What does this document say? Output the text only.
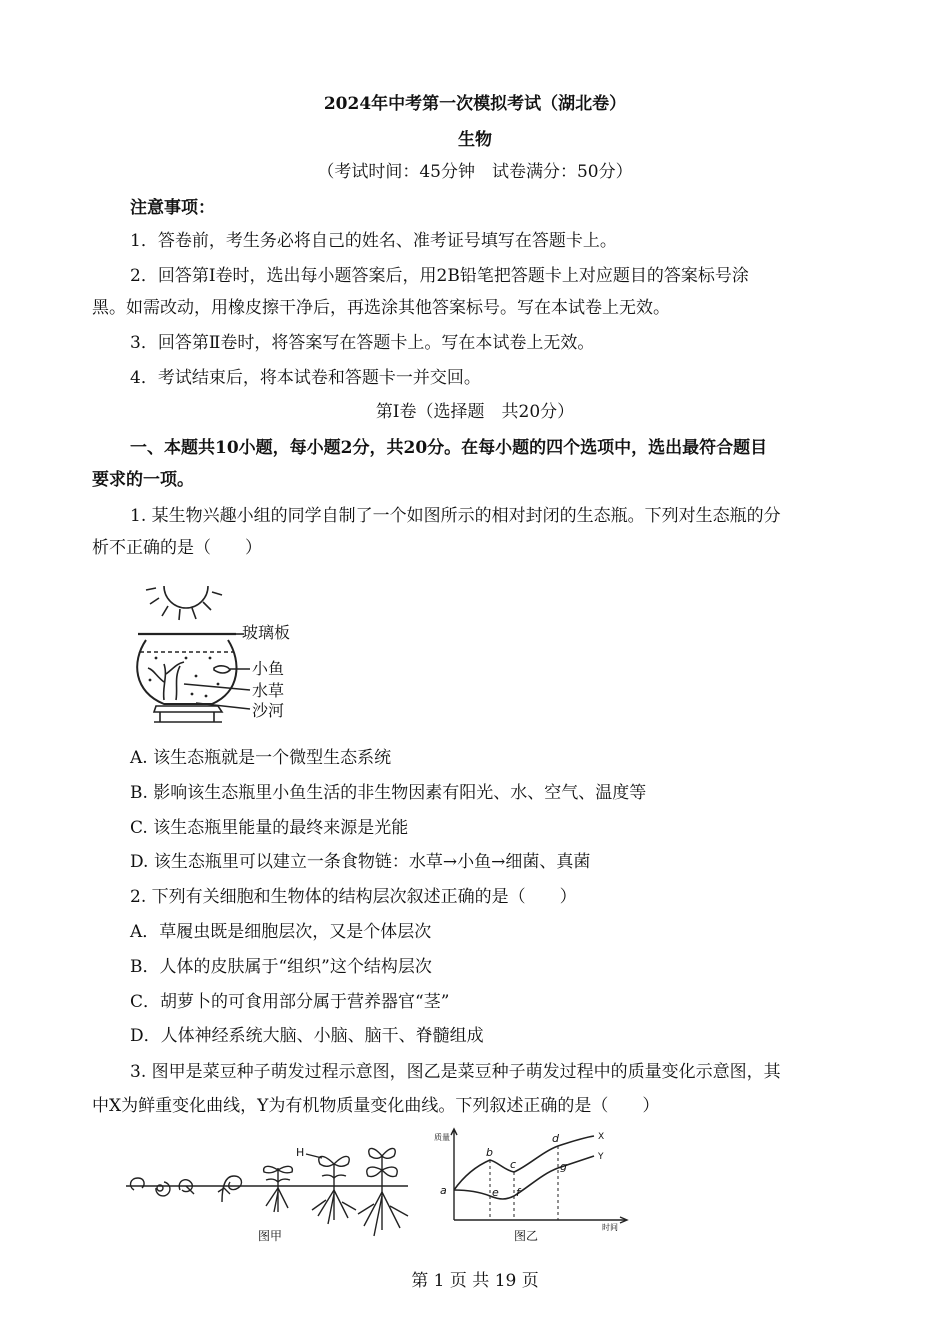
2024年中考第一次模拟考试（湖北卷）
生物
（考试时间：45分钟　试卷满分：50分）
注意事项：
1．答卷前，考生务必将自己的姓名、准考证号填写在答题卡上。
2．回答第Ⅰ卷时，选出每小题答案后，用2B铅笔把答题卡上对应题目的答案标号涂
黑。如需改动，用橡皮擦干净后，再选涂其他答案标号。写在本试卷上无效。
3．回答第Ⅱ卷时，将答案写在答题卡上。写在本试卷上无效。
4．考试结束后，将本试卷和答题卡一并交回。
第Ⅰ卷（选择题　共20分）
一、本题共10小题，每小题2分，共20分。在每小题的四个选项中，选出最符合题目
要求的一项。
1. 某生物兴趣小组的同学自制了一个如图所示的相对封闭的生态瓶。下列对生态瓶的分
析不正确的是（　　）
玻璃板
小鱼
水草
沙河
A. 该生态瓶就是一个微型生态系统
B. 影响该生态瓶里小鱼生活的非生物因素有阳光、水、空气、温度等
C. 该生态瓶里能量的最终来源是光能
D. 该生态瓶里可以建立一条食物链：水草→小鱼→细菌、真菌
2. 下列有关细胞和生物体的结构层次叙述正确的是（　　）
A．草履虫既是细胞层次，又是个体层次
B．人体的皮肤属于“组织”这个结构层次
C．胡萝卜的可食用部分属于营养器官“茎”
D．人体神经系统大脑、小脑、脑干、脊髓组成
3. 图甲是菜豆种子萌发过程示意图，图乙是菜豆种子萌发过程中的质量变化示意图，其
中X为鲜重变化曲线，Y为有机物质量变化曲线。下列叙述正确的是（　　）
H
图甲
质量
a
b
c
d
e f
g
X
Y
时间
图乙
第 1 页 共 19 页
